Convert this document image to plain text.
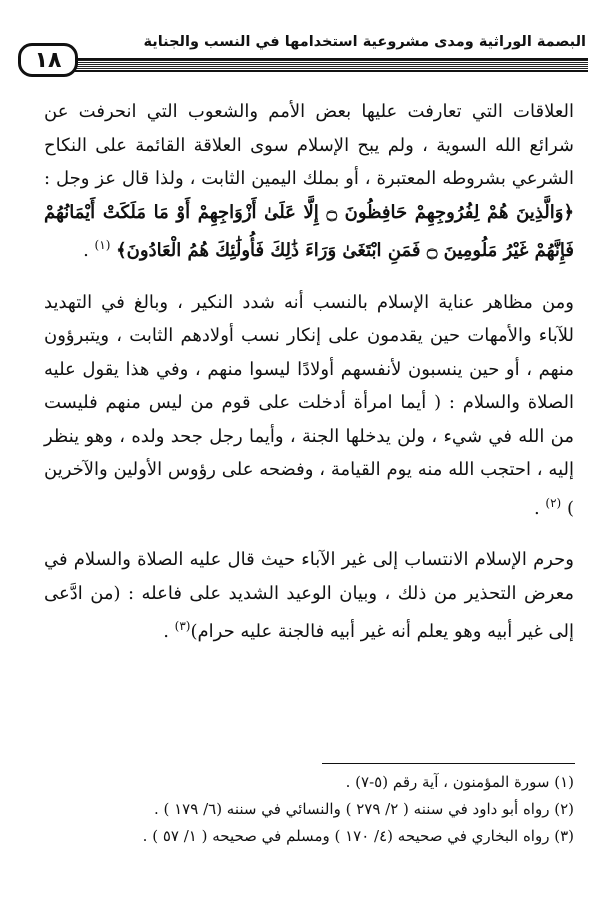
١٨
البصمة الوراثية ومدى مشروعية استخدامها في النسب والجناية

العلاقات التي تعارفت عليها بعض الأمم والشعوب التي انحرفت عن شرائع الله السوية ، ولم يبح الإسلام سوى العلاقة القائمة على النكاح الشرعي بشروطه المعتبرة ، أو بملك اليمين الثابت ، ولذا قال عز وجل : ﴿وَالَّذِينَ هُمْ لِفُرُوجِهِمْ حَافِظُونَ ۝ إِلَّا عَلَىٰ أَزْوَاجِهِمْ أَوْ مَا مَلَكَتْ أَيْمَانُهُمْ فَإِنَّهُمْ غَيْرُ مَلُومِينَ ۝ فَمَنِ ابْتَغَىٰ وَرَاءَ ذَٰلِكَ فَأُولَٰئِكَ هُمُ الْعَادُونَ﴾ $^{(١)}$ .

ومن مظاهر عناية الإسلام بالنسب أنه شدد النكير ، وبالغ في التهديد للآباء والأمهات حين يقدمون على إنكار نسب أولادهم الثابت ، ويتبرؤون منهم ، أو حين ينسبون لأنفسهم أولادًا ليسوا منهم ، وفي هذا يقول عليه الصلاة والسلام : ( أيما امرأة أدخلت على قوم من ليس منهم فليست من الله في شيء ، ولن يدخلها الجنة ، وأيما رجل جحد ولده ، وهو ينظر إليه ، احتجب الله منه يوم القيامة ، وفضحه على رؤوس الأولين والآخرين ) $^{(٢)}$ .

وحرم الإسلام الانتساب إلى غير الآباء حيث قال عليه الصلاة والسلام في معرض التحذير من ذلك ، وبيان الوعيد الشديد على فاعله : (من ادَّعى إلى غير أبيه وهو يعلم أنه غير أبيه فالجنة عليه حرام)$^{(٣)}$ .

(١) سورة المؤمنون ، آية رقم (٥-٧) .
(٢) رواه أبو داود في سننه ( ٢/ ٢٧٩ ) والنسائي في سننه (٦/ ١٧٩ ) .
(٣) رواه البخاري في صحيحه (٤/ ١٧٠ ) ومسلم في صحيحه ( ١/ ٥٧ ) .
